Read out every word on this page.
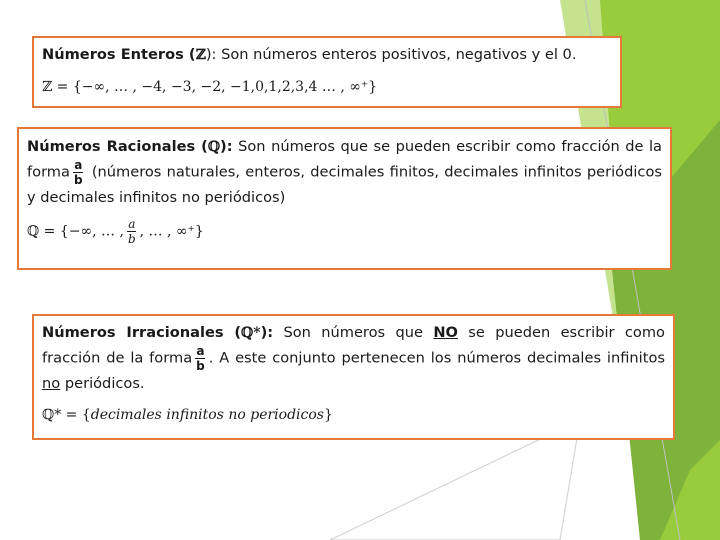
Números Enteros (ℤ): Son números enteros positivos, negativos y el 0.
ℤ = {−∞, … , −4, −3, −2, −1,0,1,2,3,4 … , ∞⁺}
Números Racionales (ℚ): Son números que se pueden escribir como fracción de la forma $\frac{a}{b}$ (números naturales, enteros, decimales finitos, decimales infinitos periódicos y decimales infinitos no periódicos)
ℚ = {−∞, … , $\frac{a}{b}$ , … , ∞⁺}
Números Irracionales (ℚ*): Son números que NO se pueden escribir como fracción de la forma $\frac{a}{b}$ . A este conjunto pertenecen los números decimales infinitos no periódicos.
ℚ* = {decimales infinitos no periodicos}
